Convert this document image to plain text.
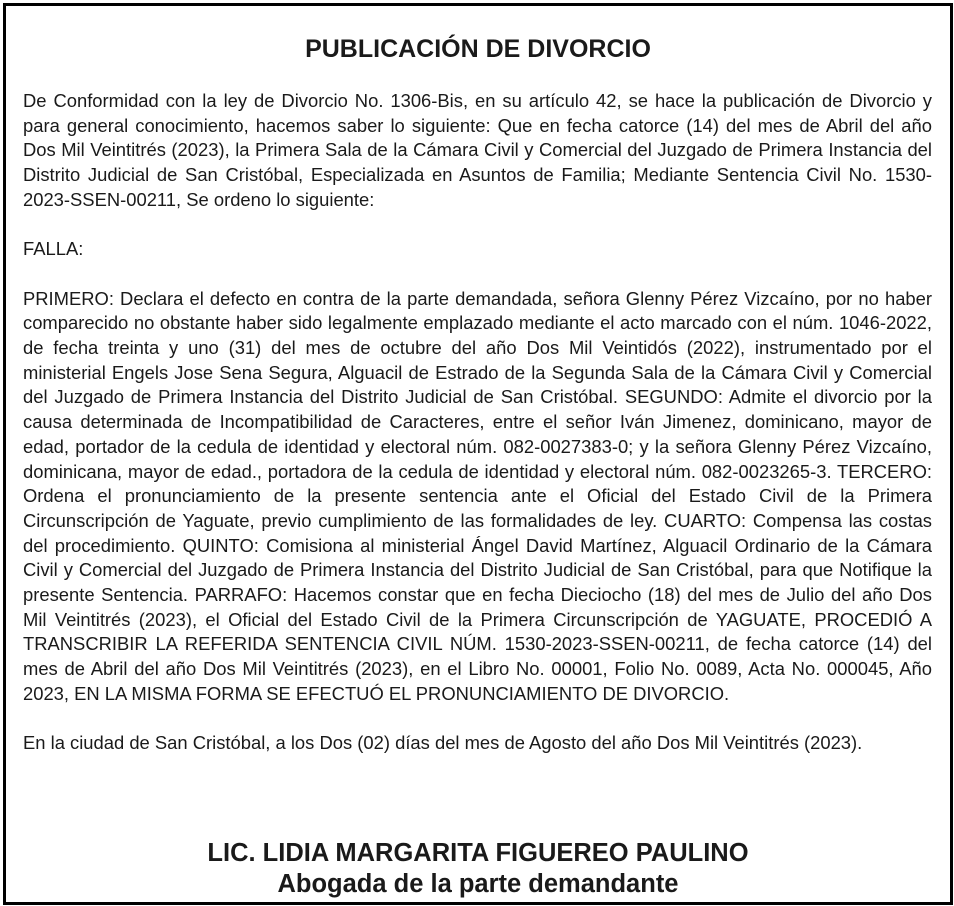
PUBLICACIÓN DE DIVORCIO

De Conformidad con la ley de Divorcio No. 1306-Bis, en su artículo 42, se hace la publicación de Divorcio y para general conocimiento, hacemos saber lo siguiente: Que en fecha catorce (14) del mes de Abril del año Dos Mil Veintitrés (2023), la Primera Sala de la Cámara Civil y Comercial del Juzgado de Primera Instancia del Distrito Judicial de San Cristóbal, Especializada en Asuntos de Familia; Mediante Sentencia Civil No. 1530- 2023-SSEN-00211, Se ordeno lo siguiente:

FALLA:

PRIMERO: Declara el defecto en contra de la parte demandada, señora Glenny Pérez Vizcaíno, por no haber comparecido no obstante haber sido legalmente emplazado mediante el acto marcado con el núm. 1046-2022, de fecha treinta y uno (31) del mes de octubre del año Dos Mil Veintidós (2022), instrumentado por el ministerial Engels Jose Sena Segura, Alguacil de Estrado de la Segunda Sala de la Cámara Civil y Comercial del Juzgado de Primera Instancia del Distrito Judicial de San Cristóbal. SEGUNDO: Admite el divorcio por la causa determinada de Incompatibilidad de Caracteres, entre el señor Iván Jimenez, dominicano, mayor de edad, portador de la cedula de identidad y electoral núm. 082-0027383-0; y la señora Glenny Pérez Vizcaíno, dominicana, mayor de edad., portadora de la cedula de identidad y electoral núm. 082-0023265-3. TERCERO: Ordena el pronunciamiento de la presente sentencia ante el Oficial del Estado Civil de la Primera Circunscripción de Yaguate, previo cumplimiento de las formalidades de ley. CUARTO: Compensa las costas del procedimiento. QUINTO: Comisiona al ministerial Ángel David Martínez, Alguacil Ordinario de la Cámara Civil y Comercial del Juzgado de Primera Instancia del Distrito Judicial de San Cristóbal, para que Notifique la presente Sentencia. PARRAFO: Hacemos constar que en fecha Dieciocho (18) del mes de Julio del año Dos Mil Veintitrés (2023), el Oficial del Estado Civil de la Primera Circunscripción de YAGUATE, PROCEDIÓ A TRANSCRIBIR LA REFERIDA SENTENCIA CIVIL NÚM. 1530-2023-SSEN-00211, de fecha catorce (14) del mes de Abril del año Dos Mil Veintitrés (2023), en el Libro No. 00001, Folio No. 0089, Acta No. 000045, Año 2023, EN LA MISMA FORMA SE EFECTUÓ EL PRONUNCIAMIENTO DE DIVORCIO.

En la ciudad de San Cristóbal, a los Dos (02) días del mes de Agosto del año Dos Mil Veintitrés (2023).

LIC. LIDIA MARGARITA FIGUEREO PAULINO
Abogada de la parte demandante
